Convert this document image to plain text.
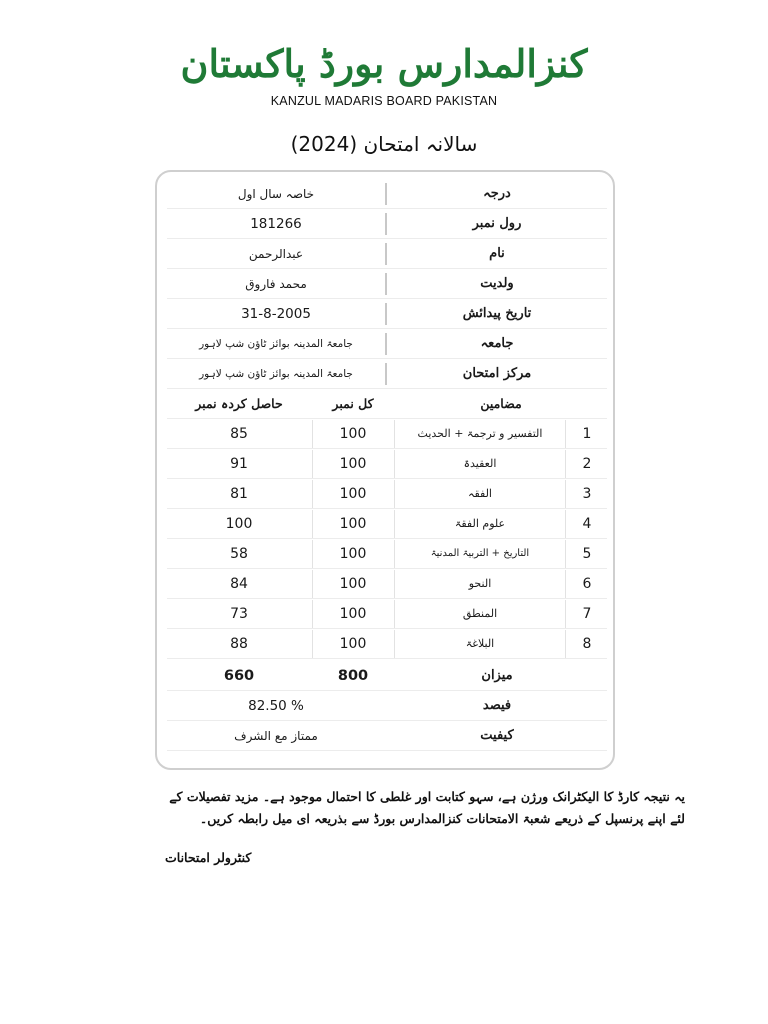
کنزالمدارس بورڈ پاکستان
KANZUL MADARIS BOARD PAKISTAN
سالانہ امتحان (2024)
درجہ
خاصہ سال اول
رول نمبر
181266
نام
عبدالرحمن
ولدیت
محمد فاروق
تاریخ پیدائش
31-8-2005
جامعہ
جامعۃ المدینہ بوائز ٹاؤن شپ لاہور
مرکز امتحان
جامعۃ المدینہ بوائز ٹاؤن شپ لاہور
مضامین
کل نمبر
حاصل کردہ نمبر
1
التفسیر و ترجمۃ + الحدیث
100
85
2
العقیدۃ
100
91
3
الفقہ
100
81
4
علوم الفقۃ
100
100
5
التاریخ + التربیۃ المدنیۃ
100
58
6
النحو
100
84
7
المنطق
100
73
8
البلاغۃ
100
88
میزان
800
660
فیصد
82.50 %
کیفیت
ممتاز مع الشرف
یہ نتیجہ کارڈ کا الیکٹرانک ورژن ہے، سہو کتابت اور غلطی کا احتمال موجود ہے۔ مزید تفصیلات کے لئے اپنے پرنسپل کے ذریعے شعبۃ الامتحانات کنزالمدارس بورڈ سے بذریعہ ای میل رابطہ کریں۔
کنٹرولر امتحانات
